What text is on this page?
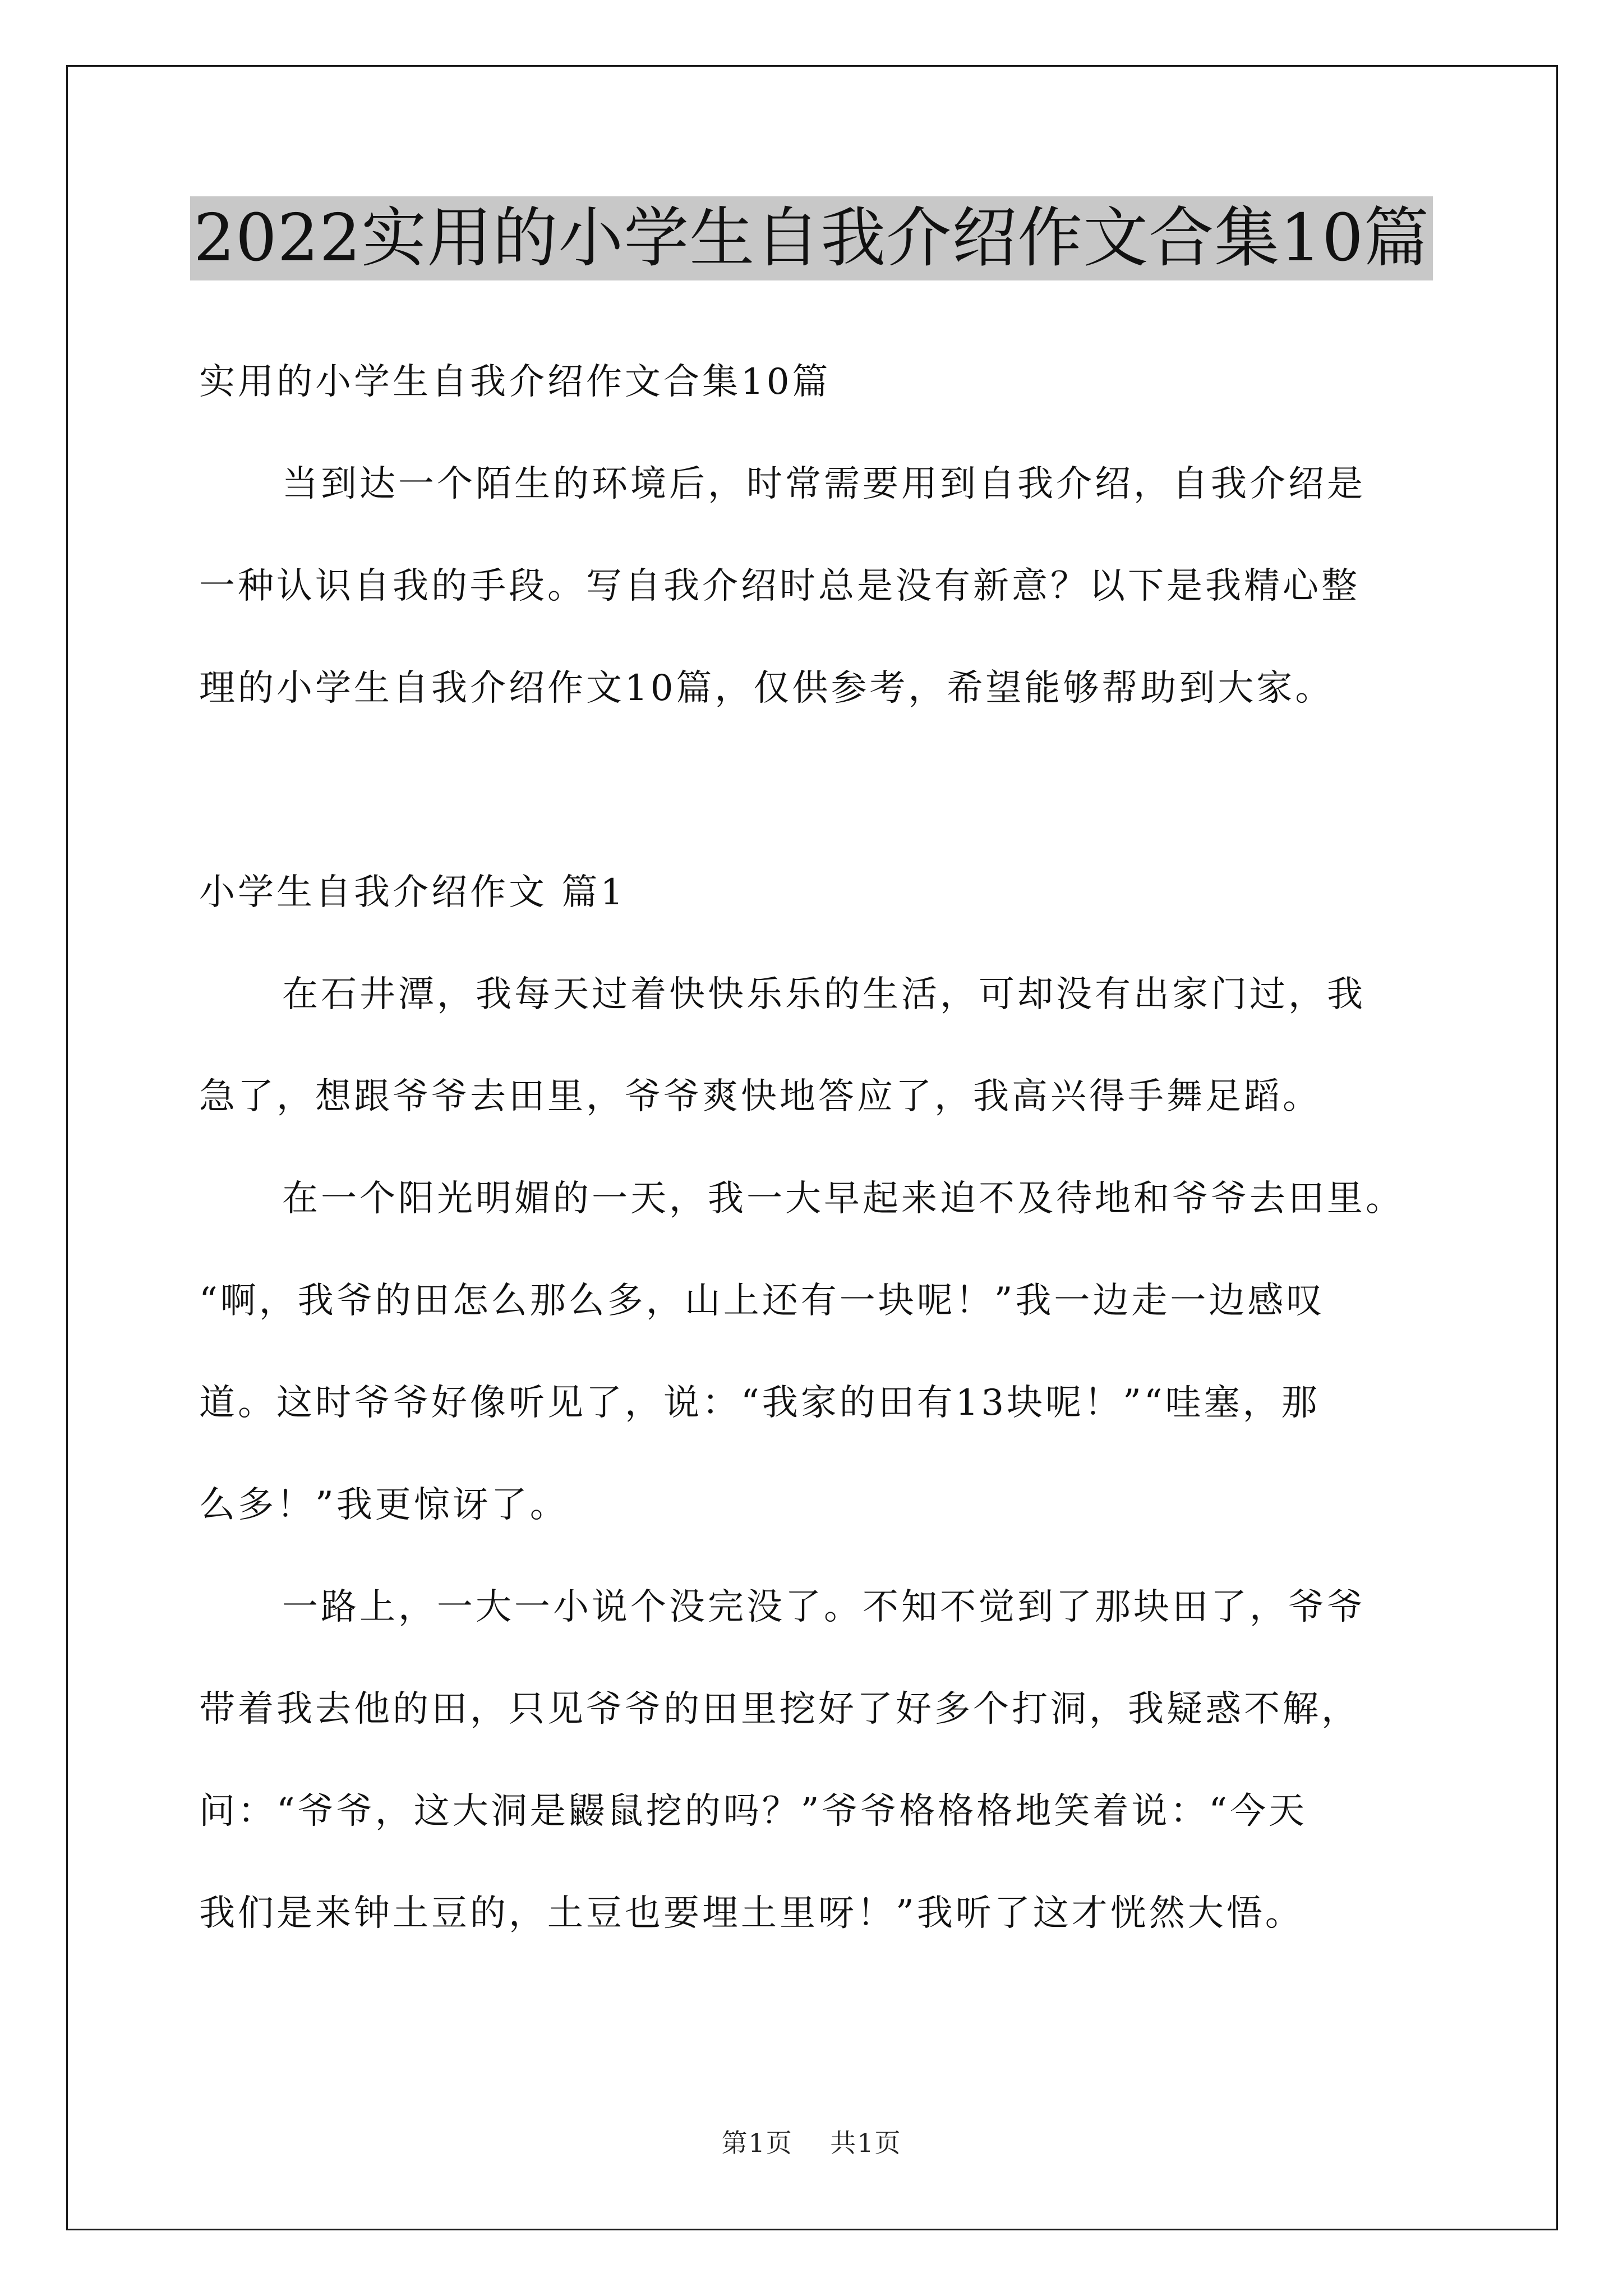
2022实用的小学生自我介绍作文合集10篇
实用的小学生自我介绍作文合集10篇
当到达一个陌生的环境后，时常需要用到自我介绍，自我介绍是
一种认识自我的手段。写自我介绍时总是没有新意？以下是我精心整
理的小学生自我介绍作文10篇，仅供参考，希望能够帮助到大家。
小学生自我介绍作文 篇1
在石井潭，我每天过着快快乐乐的生活，可却没有出家门过，我
急了，想跟爷爷去田里，爷爷爽快地答应了，我高兴得手舞足蹈。
在一个阳光明媚的一天，我一大早起来迫不及待地和爷爷去田里。
“啊，我爷的田怎么那么多，山上还有一块呢！”我一边走一边感叹
道。这时爷爷好像听见了，说：“我家的田有13块呢！”“哇塞，那
么多！”我更惊讶了。
一路上，一大一小说个没完没了。不知不觉到了那块田了，爷爷
带着我去他的田，只见爷爷的田里挖好了好多个打洞，我疑惑不解，
问：“爷爷，这大洞是鼹鼠挖的吗？”爷爷格格格地笑着说：“今天
我们是来钟土豆的，土豆也要埋土里呀！”我听了这才恍然大悟。
第1页    共1页
